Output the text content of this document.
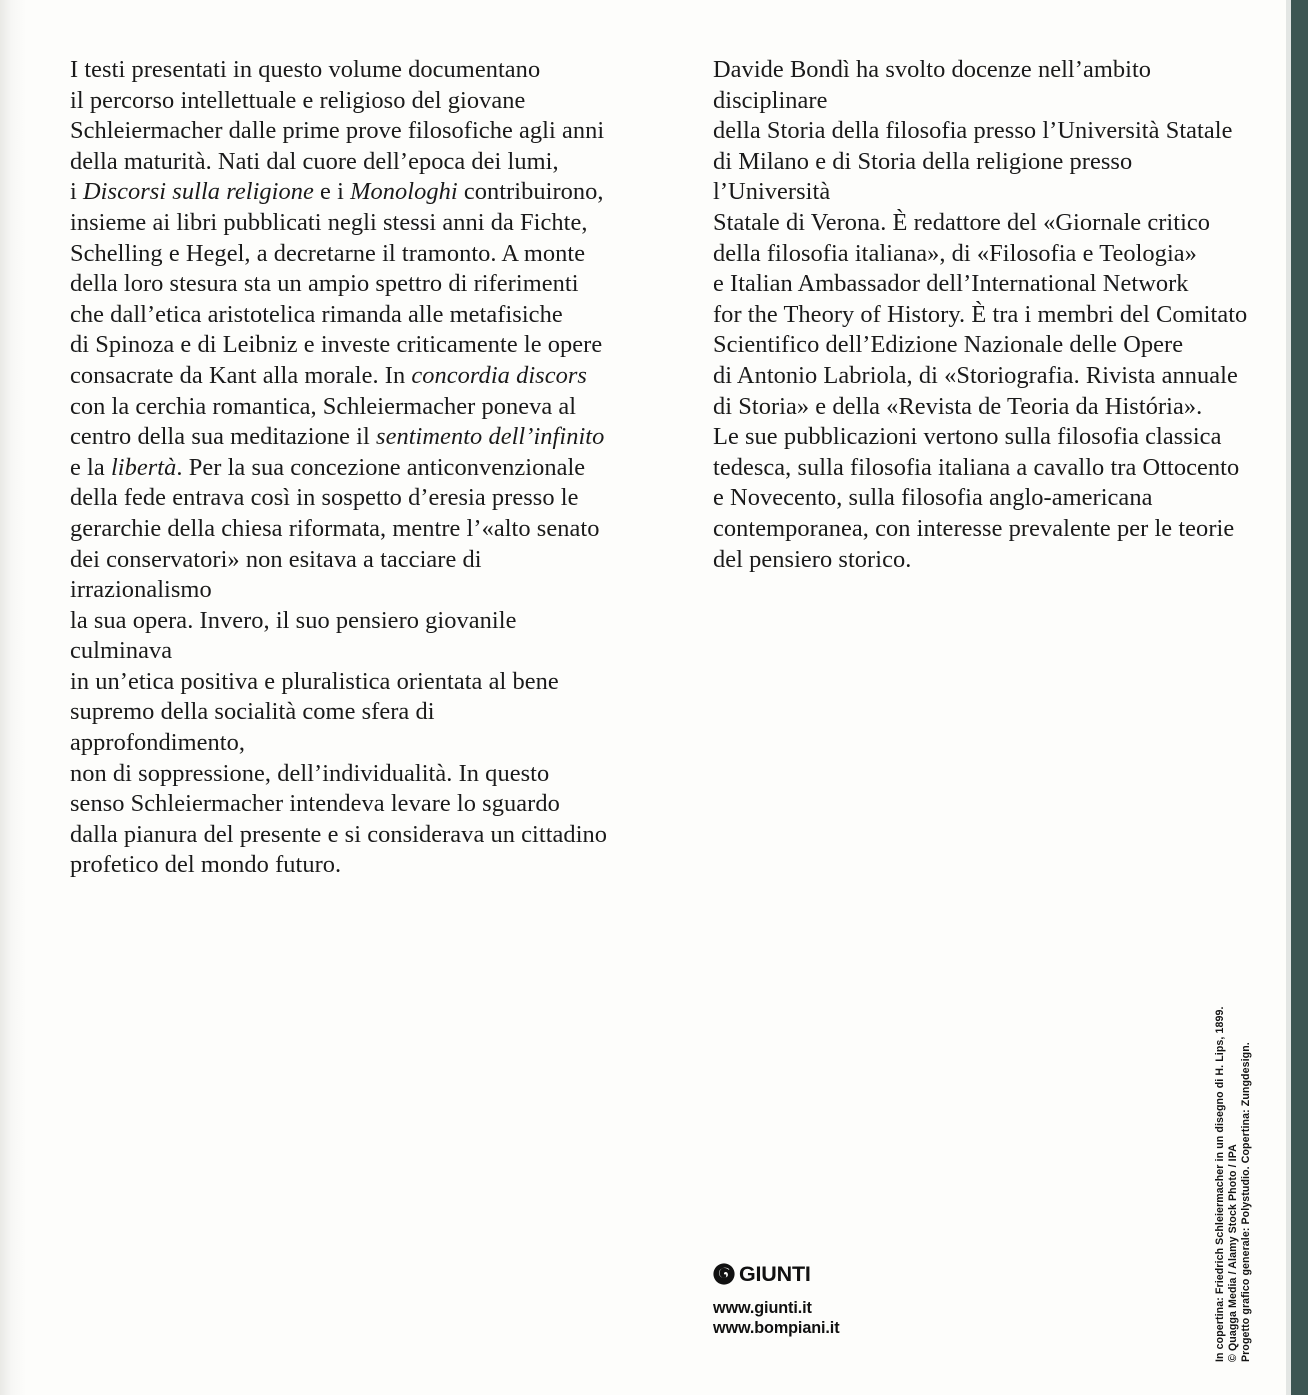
I testi presentati in questo volume documentano

il percorso intellettuale e religioso del giovane

Schleiermacher dalle prime prove filosofiche agli anni

della maturità. Nati dal cuore dell’epoca dei lumi,

i Discorsi sulla religione e i Monologhi contribuirono,

insieme ai libri pubblicati negli stessi anni da Fichte,

Schelling e Hegel, a decretarne il tramonto. A monte

della loro stesura sta un ampio spettro di riferimenti

che dall’etica aristotelica rimanda alle metafisiche

di Spinoza e di Leibniz e investe criticamente le opere

consacrate da Kant alla morale. In concordia discors

con la cerchia romantica, Schleiermacher poneva al

centro della sua meditazione il sentimento dell’infinito

e la libertà. Per la sua concezione anticonvenzionale

della fede entrava così in sospetto d’eresia presso le

gerarchie della chiesa riformata, mentre l’«alto senato

dei conservatori» non esitava a tacciare di irrazionalismo

la sua opera. Invero, il suo pensiero giovanile culminava

in un’etica positiva e pluralistica orientata al bene

supremo della socialità come sfera di approfondimento,

non di soppressione, dell’individualità. In questo

senso Schleiermacher intendeva levare lo sguardo

dalla pianura del presente e si considerava un cittadino

profetico del mondo futuro.

Davide Bondì ha svolto docenze nell’ambito disciplinare

della Storia della filosofia presso l’Università Statale

di Milano e di Storia della religione presso l’Università

Statale di Verona. È redattore del «Giornale critico

della filosofia italiana», di «Filosofia e Teologia»

e Italian Ambassador dell’International Network

for the Theory of History. È tra i membri del Comitato

Scientifico dell’Edizione Nazionale delle Opere

di Antonio Labriola, di «Storiografia. Rivista annuale

di Storia» e della «Revista de Teoria da História».

Le sue pubblicazioni vertono sulla filosofia classica

tedesca, sulla filosofia italiana a cavallo tra Ottocento

e Novecento, sulla filosofia anglo-americana

contemporanea, con interesse prevalente per le teorie

del pensiero storico.

In copertina: Friedrich Schleiermacher in un disegno di H. Lips, 1899. © Quagga Media / Alamy Stock Photo / IPA Progetto grafico generale: Polystudio. Copertina: Zungdesign.
GIUNTI
www.giunti.it
www.bompiani.it
